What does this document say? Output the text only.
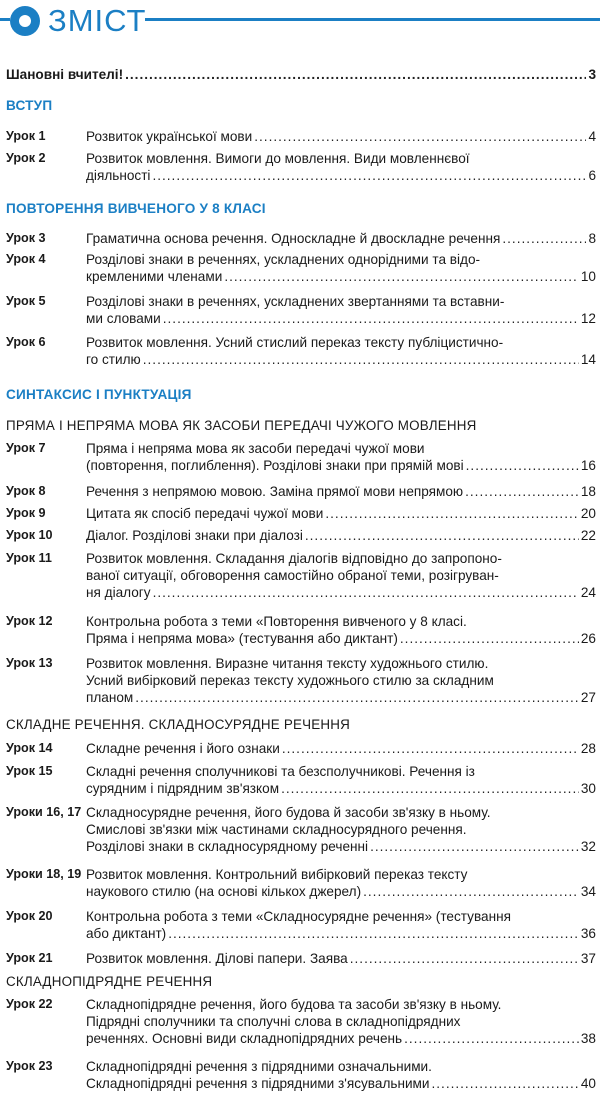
ЗМІСТ
Шановні вчителі! .....	3
ВСТУП
Урок 1	Розвиток української мови .....	4
Урок 2	Розвиток мовлення. Вимоги до мовлення. Види мовленнєвої
діяльності .....	6
ПОВТОРЕННЯ ВИВЧЕНОГО У 8 КЛАСІ
Урок 3	Граматична основа речення. Односкладне й двоскладне речення .....	8
Урок 4	Розділові знаки в реченнях, ускладнених однорідними та відо-
кремленими членами .....	10
Урок 5	Розділові знаки в реченнях, ускладнених звертаннями та вставни-
ми словами .....	12
Урок 6	Розвиток мовлення. Усний стислий переказ тексту публіцистично-
го стилю .....	14
СИНТАКСИС І ПУНКТУАЦІЯ
ПРЯМА І НЕПРЯМА МОВА ЯК ЗАСОБИ ПЕРЕДАЧІ ЧУЖОГО МОВЛЕННЯ
Урок 7	Пряма і непряма мова як засоби передачі чужої мови
(повторення, поглиблення). Розділові знаки при прямій мові .....	16
Урок 8	Речення з непрямою мовою. Заміна прямої мови непрямою .....	18
Урок 9	Цитата як спосіб передачі чужої мови .....	20
Урок 10	Діалог. Розділові знаки при діалозі .....	22
Урок 11	Розвиток мовлення. Складання діалогів відповідно до запропоно-
ваної ситуації, обговорення самостійно обраної теми, розігруван-
ня діалогу .....	24
Урок 12	Контрольна робота з теми «Повторення вивченого у 8 класі.
Пряма і непряма мова» (тестування або диктант) .....	26
Урок 13	Розвиток мовлення. Виразне читання тексту художнього стилю.
Усний вибірковий переказ тексту художнього стилю за складним
планом .....	27
СКЛАДНЕ РЕЧЕННЯ. СКЛАДНОСУРЯДНЕ РЕЧЕННЯ
Урок 14	Складне речення і його ознаки .....	28
Урок 15	Складні речення сполучникові та безсполучникові. Речення із
сурядним і підрядним зв'язком .....	30
Уроки 16, 17 Складносурядне речення, його будова й засоби зв'язку в ньому.
Смислові зв'язки між частинами складносурядного речення.
Розділові знаки в складносурядному реченні .....	32
Уроки 18, 19 Розвиток мовлення. Контрольний вибірковий переказ тексту
наукового стилю (на основі кількох джерел) .....	34
Урок 20	Контрольна робота з теми «Складносурядне речення» (тестування
або диктант) .....	36
Урок 21	Розвиток мовлення. Ділові папери. Заява .....	37
СКЛАДНОПІДРЯДНЕ РЕЧЕННЯ
Урок 22	Складнопідрядне речення, його будова та засоби зв'язку в ньому.
Підрядні сполучники та сполучні слова в складнопідрядних
реченнях. Основні види складнопідрядних речень .....	38
Урок 23	Складнопідрядні речення з підрядними означальними.
Складнопідрядні речення з підрядними з'ясувальними .....	40
